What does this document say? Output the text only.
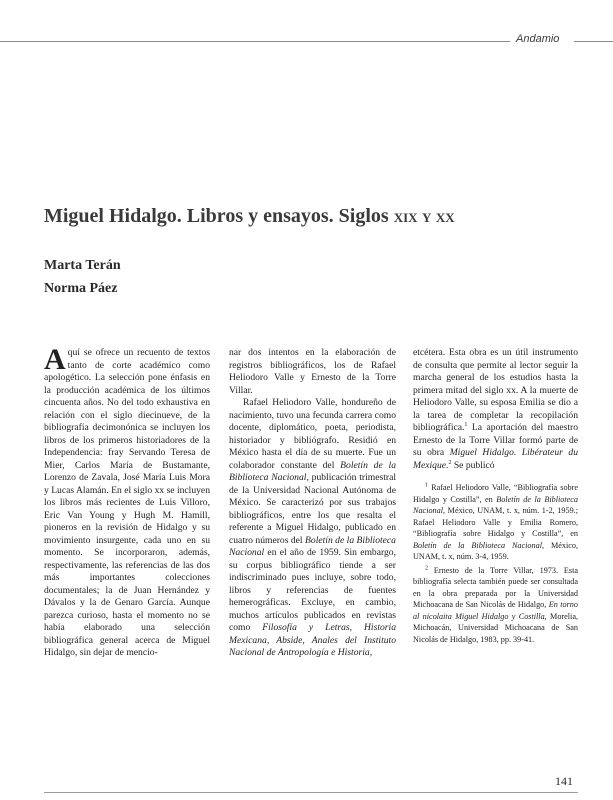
Andamio
Miguel Hidalgo. Libros y ensayos. Siglos xix y xx

Marta Terán

Norma Páez

Aquí se ofrece un recuento de textos tanto de corte académico como apologético. La selección pone énfasis en la producción académica de los últimos cincuenta años. No del todo exhaustiva en relación con el siglo diecinueve, de la bibliografía decimonónica se incluyen los libros de los primeros historiadores de la Independencia: fray Servando Teresa de Mier, Carlos María de Bustamante, Lorenzo de Zavala, José María Luis Mora y Lucas Alamán. En el siglo xx se incluyen los libros más recientes de Luis Villoro, Eric Van Young y Hugh M. Hamill, pioneros en la revisión de Hidalgo y su movimiento insurgente, cada uno en su momento. Se incorporaron, además, respectivamente, las referencias de las dos más importantes colecciones documentales; la de Juan Hernández y Dávalos y la de Genaro García. Aunque parezca curioso, hasta el momento no se había elaborado una selección bibliográfica general acerca de Miguel Hidalgo, sin dejar de mencio-

nar dos intentos en la elaboración de registros bibliográficos, los de Rafael Heliodoro Valle y Ernesto de la Torre Villar.

Rafael Heliodoro Valle, hondureño de nacimiento, tuvo una fecunda carrera como docente, diplomático, poeta, periodista, historiador y bibliógrafo. Residió en México hasta el día de su muerte. Fue un colaborador constante del Boletín de la Biblioteca Nacional, publicación trimestral de la Universidad Nacional Autónoma de México. Se caracterizó por sus trabajos bibliográficos, entre los que resalta el referente a Miguel Hidalgo, publicado en cuatro números del Boletín de la Biblioteca Nacional en el año de 1959. Sin embargo, su corpus bibliográfico tiende a ser indiscriminado pues incluye, sobre todo, libros y referencias de fuentes hemerográficas. Excluye, en cambio, muchos artículos publicados en revistas como Filosofía y Letras, Historia Mexicana, Abside, Anales del Instituto Nacional de Antropología e Historia,

etcétera. Esta obra es un útil instrumento de consulta que permite al lector seguir la marcha general de los estudios hasta la primera mitad del siglo xx. A la muerte de Heliodoro Valle, su esposa Emilia se dio a la tarea de completar la recopilación bibliográfica.$^1$ La aportación del maestro Ernesto de la Torre Villar formó parte de su obra Miguel Hidalgo. Libérateur du Mexique.$^2$ Se publicó

$^1$ Rafael Heliodoro Valle, “Bibliografía sobre Hidalgo y Costilla”, en Boletín de la Biblioteca Nacional, México, UNAM, t. x, núm. 1-2, 1959.; Rafael Heliodoro Valle y Emilia Romero, “Bibliografía sobre Hidalgo y Costilla”, en Boletín de la Biblioteca Nacional, México, UNAM, t. x, núm. 3-4, 1959.

$^2$ Ernesto de la Torre Villar, 1973. Esta bibliografía selecta también puede ser consultada en la obra preparada por la Universidad Michoacana de San Nicolás de Hidalgo, En torno al nicolaita Miguel Hidalgo y Costilla, Morelia, Michoacán, Universidad Michoacana de San Nicolás de Hidalgo, 1983, pp. 39-41.

141
